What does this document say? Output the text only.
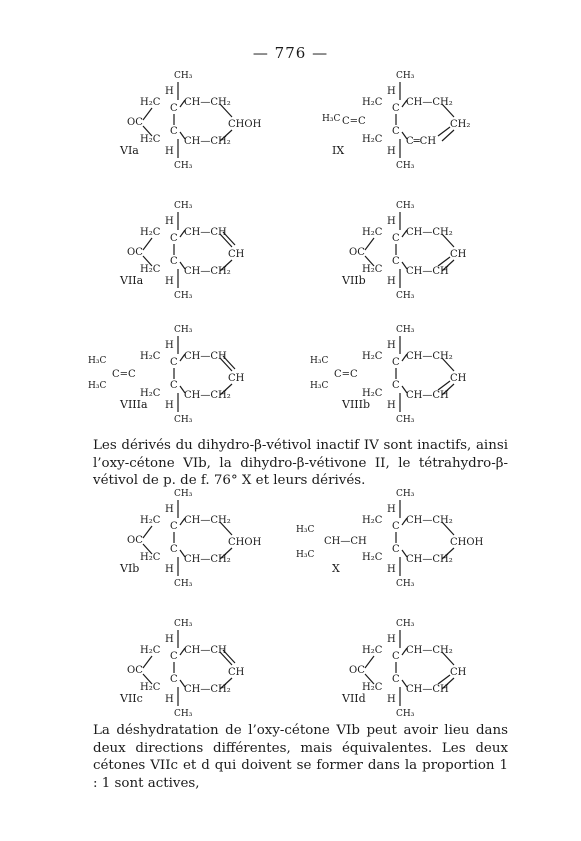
— 776 —
CH₃
H
C
C
H₂C
H₂C
OC
CH—CH₂
CH—CH₂
CHOH
H
CH₃
VIa
CH₃
H
C
C
H₂C
H₂C
H₃C C=C
CH—CH₂
C═CH
CH₂
H
CH₃
IX
CH₃
H
C
C
H₂C
H₂C
OC
CH—CH
CH—CH₂
CH
H
CH₃
VIIa
CH₃
H
C
C
H₂C
H₂C
OC
CH—CH₂
CH—CH
CH
H
CH₃
VIIb
CH₃
H
C
C
H₂C
H₂C
H₃C
H₃C
C=C
CH—CH
CH—CH₂
CH
H
CH₃
VIIIa
CH₃
H
C
C
H₂C
H₂C
H₃C
H₃C
C=C
CH—CH₂
CH—CH
CH
H
CH₃
VIIIb
CH₃
H
C
C
H₂C
H₂C
OC
CH—CH₂
CH—CH₂
CHOH
H
CH₃
VIb
CH₃
H
C
C
H₂C
H₂C
H₃C
H₃C
CH—CH
CH—CH₂
CH—CH₂
CHOH
H
CH₃
X
CH₃
H
C
C
H₂C
H₂C
OC
CH—CH
CH—CH₂
CH
H
CH₃
VIIc
CH₃
H
C
C
H₂C
H₂C
OC
CH—CH₂
CH—CH
CH
H
CH₃
VIId

Les dérivés du dihydro-β-vétivol inactif IV sont inactifs, ainsi l’oxy-cétone VIb, la dihydro-β-vétivone II, le tétrahydro-β-vétivol de p. de f. 76° X et leurs dérivés.

La déshydratation de l’oxy-cétone VIb peut avoir lieu dans deux directions différentes, mais équivalentes. Les deux cétones VIIc et d qui doivent se former dans la proportion 1 : 1 sont actives,
